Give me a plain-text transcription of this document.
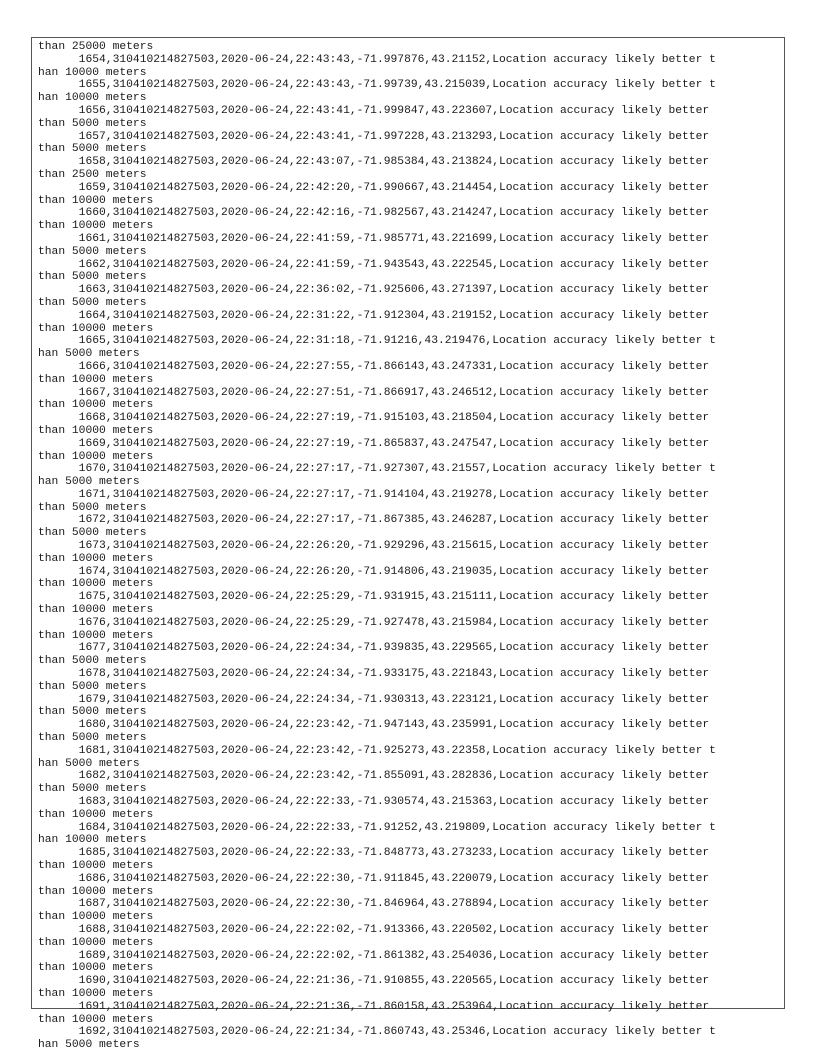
than 25000 meters
1654,310410214827503,2020-06-24,22:43:43,-71.997876,43.21152,Location accuracy likely better t
han 10000 meters
1655,310410214827503,2020-06-24,22:43:43,-71.99739,43.215039,Location accuracy likely better t
han 10000 meters
1656,310410214827503,2020-06-24,22:43:41,-71.999847,43.223607,Location accuracy likely better
than 5000 meters
1657,310410214827503,2020-06-24,22:43:41,-71.997228,43.213293,Location accuracy likely better
than 5000 meters
1658,310410214827503,2020-06-24,22:43:07,-71.985384,43.213824,Location accuracy likely better
than 2500 meters
1659,310410214827503,2020-06-24,22:42:20,-71.990667,43.214454,Location accuracy likely better
than 10000 meters
1660,310410214827503,2020-06-24,22:42:16,-71.982567,43.214247,Location accuracy likely better
than 10000 meters
1661,310410214827503,2020-06-24,22:41:59,-71.985771,43.221699,Location accuracy likely better
than 5000 meters
1662,310410214827503,2020-06-24,22:41:59,-71.943543,43.222545,Location accuracy likely better
than 5000 meters
1663,310410214827503,2020-06-24,22:36:02,-71.925606,43.271397,Location accuracy likely better
than 5000 meters
1664,310410214827503,2020-06-24,22:31:22,-71.912304,43.219152,Location accuracy likely better
than 10000 meters
1665,310410214827503,2020-06-24,22:31:18,-71.91216,43.219476,Location accuracy likely better t
han 5000 meters
1666,310410214827503,2020-06-24,22:27:55,-71.866143,43.247331,Location accuracy likely better
than 10000 meters
1667,310410214827503,2020-06-24,22:27:51,-71.866917,43.246512,Location accuracy likely better
than 10000 meters
1668,310410214827503,2020-06-24,22:27:19,-71.915103,43.218504,Location accuracy likely better
than 10000 meters
1669,310410214827503,2020-06-24,22:27:19,-71.865837,43.247547,Location accuracy likely better
than 10000 meters
1670,310410214827503,2020-06-24,22:27:17,-71.927307,43.21557,Location accuracy likely better t
han 5000 meters
1671,310410214827503,2020-06-24,22:27:17,-71.914104,43.219278,Location accuracy likely better
than 5000 meters
1672,310410214827503,2020-06-24,22:27:17,-71.867385,43.246287,Location accuracy likely better
than 5000 meters
1673,310410214827503,2020-06-24,22:26:20,-71.929296,43.215615,Location accuracy likely better
than 10000 meters
1674,310410214827503,2020-06-24,22:26:20,-71.914806,43.219035,Location accuracy likely better
than 10000 meters
1675,310410214827503,2020-06-24,22:25:29,-71.931915,43.215111,Location accuracy likely better
than 10000 meters
1676,310410214827503,2020-06-24,22:25:29,-71.927478,43.215984,Location accuracy likely better
than 10000 meters
1677,310410214827503,2020-06-24,22:24:34,-71.939835,43.229565,Location accuracy likely better
than 5000 meters
1678,310410214827503,2020-06-24,22:24:34,-71.933175,43.221843,Location accuracy likely better
than 5000 meters
1679,310410214827503,2020-06-24,22:24:34,-71.930313,43.223121,Location accuracy likely better
than 5000 meters
1680,310410214827503,2020-06-24,22:23:42,-71.947143,43.235991,Location accuracy likely better
than 5000 meters
1681,310410214827503,2020-06-24,22:23:42,-71.925273,43.22358,Location accuracy likely better t
han 5000 meters
1682,310410214827503,2020-06-24,22:23:42,-71.855091,43.282836,Location accuracy likely better
than 5000 meters
1683,310410214827503,2020-06-24,22:22:33,-71.930574,43.215363,Location accuracy likely better
than 10000 meters
1684,310410214827503,2020-06-24,22:22:33,-71.91252,43.219809,Location accuracy likely better t
han 10000 meters
1685,310410214827503,2020-06-24,22:22:33,-71.848773,43.273233,Location accuracy likely better
than 10000 meters
1686,310410214827503,2020-06-24,22:22:30,-71.911845,43.220079,Location accuracy likely better
than 10000 meters
1687,310410214827503,2020-06-24,22:22:30,-71.846964,43.278894,Location accuracy likely better
than 10000 meters
1688,310410214827503,2020-06-24,22:22:02,-71.913366,43.220502,Location accuracy likely better
than 10000 meters
1689,310410214827503,2020-06-24,22:22:02,-71.861382,43.254036,Location accuracy likely better
than 10000 meters
1690,310410214827503,2020-06-24,22:21:36,-71.910855,43.220565,Location accuracy likely better
than 10000 meters
1691,310410214827503,2020-06-24,22:21:36,-71.860158,43.253964,Location accuracy likely better
than 10000 meters
1692,310410214827503,2020-06-24,22:21:34,-71.860743,43.25346,Location accuracy likely better t
han 5000 meters
